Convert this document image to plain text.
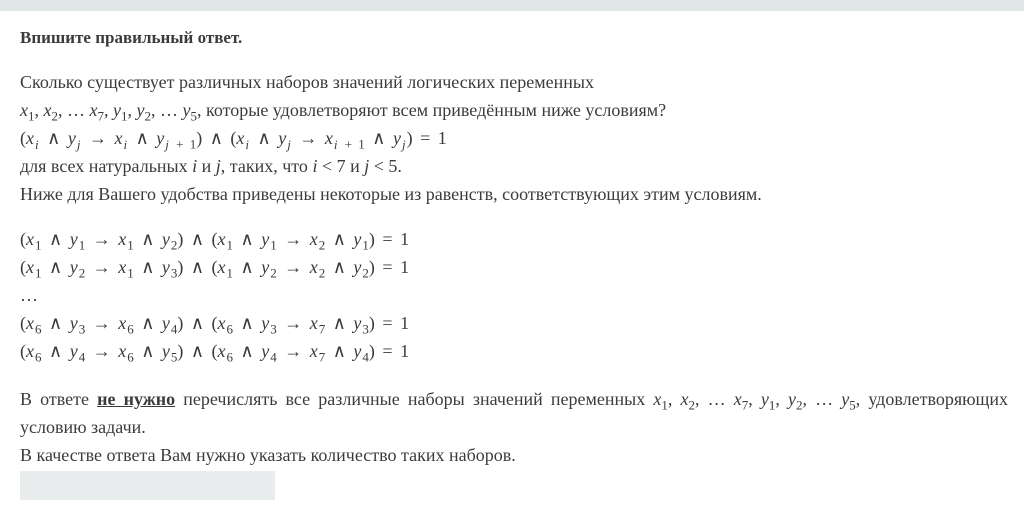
Впишите правильный ответ.
Сколько существует различных наборов значений логических переменных
$x_1$, $x_2$, … $x_7$, $y_1$, $y_2$, … $y_5$, которые удовлетворяют всем приведённым ниже условиям?
($x_i$ ∧ $y_j \to x_i$ ∧ $y_{j + 1}$) ∧ ($x_i$ ∧ $y_j \to x_{i + 1}$ ∧ $y_j) = 1$
для всех натуральных i и j, таких, что i < 7 и j < 5.
Ниже для Вашего удобства приведены некоторые из равенств, соответствующих этим условиям.
($x_1$ ∧ $y_1 \to x_1$ ∧ $y_2$) ∧ ($x_1$ ∧ $y_1 \to x_2$ ∧ $y_1) = 1$
($x_1$ ∧ $y_2 \to x_1$ ∧ $y_3$) ∧ ($x_1$ ∧ $y_2 \to x_2$ ∧ $y_2) = 1$
…
($x_6$ ∧ $y_3 \to x_6$ ∧ $y_4$) ∧ ($x_6$ ∧ $y_3 \to x_7$ ∧ $y_3) = 1$
($x_6$ ∧ $y_4 \to x_6$ ∧ $y_5$) ∧ ($x_6$ ∧ $y_4 \to x_7$ ∧ $y_4) = 1$

В ответе не нужно перечислять все различные наборы значений переменных $x_1$, $x_2$, … $x_7$, $y_1$, $y_2$, … $y_5$, удовлетворяющих условию задачи.

В качестве ответа Вам нужно указать количество таких наборов.
